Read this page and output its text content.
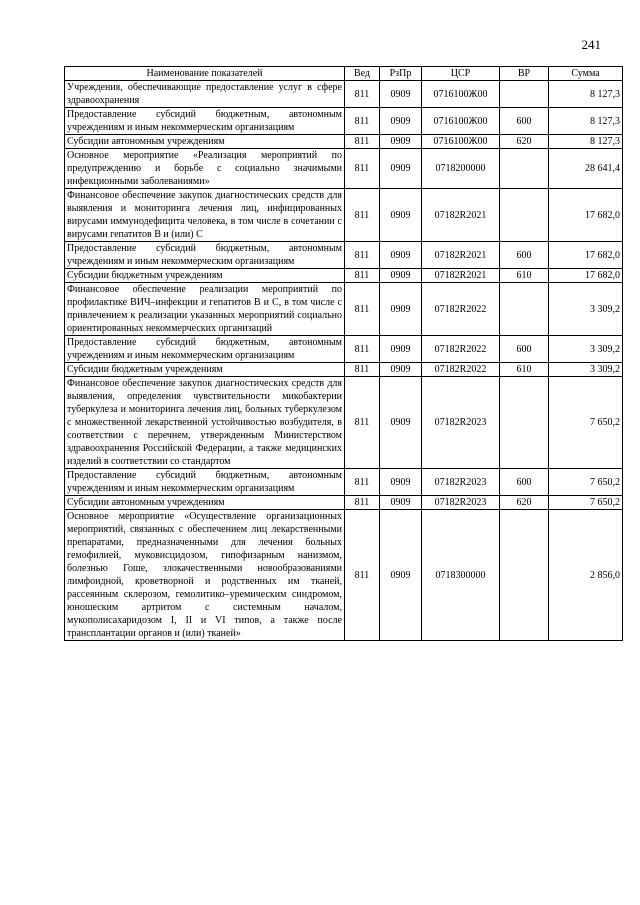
241
Наименование показателей	Вед	РзПр	ЦСР	ВР	Сумма
Учреждения, обеспечивающие предоставление услуг в сфере здравоохранения	811	0909	0716100Ж00		8 127,3
Предоставление субсидий бюджетным, автономным учреждениям и иным некоммерческим организациям	811	0909	0716100Ж00	600	8 127,3
Субсидии автономным учреждениям	811	0909	0716100Ж00	620	8 127,3
Основное мероприятие «Реализация мероприятий по предупреждению и борьбе с социально значимыми инфекционными заболеваниями»	811	0909	0718200000		28 641,4
Финансовое обеспечение закупок диагностических средств для выявления и мониторинга лечения лиц, инфицированных вирусами иммунодефицита человека, в том числе в сочетании с вирусами гепатитов B и (или) C	811	0909	07182R2021		17 682,0
Предоставление субсидий бюджетным, автономным учреждениям и иным некоммерческим организациям	811	0909	07182R2021	600	17 682,0
Субсидии бюджетным учреждениям	811	0909	07182R2021	610	17 682,0
Финансовое обеспечение реализации мероприятий по профилактике ВИЧ–инфекции и гепатитов B и C, в том числе с привлечением к реализации указанных мероприятий социально ориентированных некоммерческих организаций	811	0909	07182R2022		3 309,2
Предоставление субсидий бюджетным, автономным учреждениям и иным некоммерческим организациям	811	0909	07182R2022	600	3 309,2
Субсидии бюджетным учреждениям	811	0909	07182R2022	610	3 309,2
Финансовое обеспечение закупок диагностических средств для выявления, определения чувствительности микобактерии туберкулеза и мониторинга лечения лиц, больных туберкулезом с множественной лекарственной устойчивостью возбудителя, в соответствии с перечнем, утвержденным Министерством здравоохранения Российской Федерации, а также медицинских изделий в соответствии со стандартом	811	0909	07182R2023		7 650,2
Предоставление субсидий бюджетным, автономным учреждениям и иным некоммерческим организациям	811	0909	07182R2023	600	7 650,2
Субсидии автономным учреждениям	811	0909	07182R2023	620	7 650,2
Основное мероприятие «Осуществление организационных мероприятий, связанных с обеспечением лиц лекарственными препаратами, предназначенными для лечения больных гемофилией, муковисцидозом, гипофизарным нанизмом, болезнью Гоше, злокачественными новообразованиями лимфоидной, кроветворной и родственных им тканей, рассеянным склерозом, гемолитико–уремическим синдромом, юношеским артритом с системным началом, мукополисахаридозом I, II и VI типов, а также после трансплантации органов и (или) тканей»	811	0909	0718300000		2 856,0
